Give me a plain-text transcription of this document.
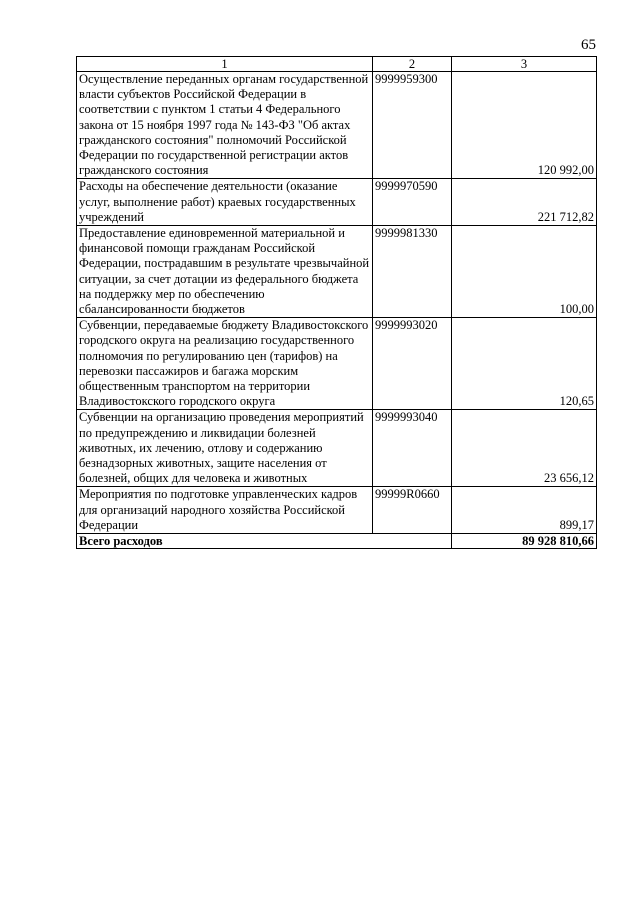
65
1	2	3
Осуществление переданных органам государственной власти субъектов Российской Федерации в соответствии с пунктом 1 статьи 4 Федерального закона от 15 ноября 1997 года № 143-ФЗ "Об актах гражданского состояния" полномочий Российской Федерации по государственной регистрации актов гражданского состояния	9999959300	120 992,00
Расходы на обеспечение деятельности (оказание услуг, выполнение работ) краевых государственных учреждений	9999970590	221 712,82
Предоставление единовременной материальной и финансовой помощи гражданам Российской Федерации, пострадавшим в результате чрезвычайной ситуации, за счет дотации из федерального бюджета на поддержку мер по обеспечению сбалансированности бюджетов	9999981330	100,00
Субвенции, передаваемые бюджету Владивостокского городского округа на реализацию государственного полномочия по регулированию цен (тарифов) на перевозки пассажиров и багажа морским общественным транспортом на территории Владивостокского городского округа	9999993020	120,65
Субвенции на организацию проведения мероприятий по предупреждению и ликвидации болезней животных, их лечению, отлову и содержанию безнадзорных животных, защите населения от болезней, общих для человека и животных	9999993040	23 656,12
Мероприятия по подготовке управленческих кадров для организаций народного хозяйства Российской Федерации	99999R0660	899,17
Всего расходов		89 928 810,66
